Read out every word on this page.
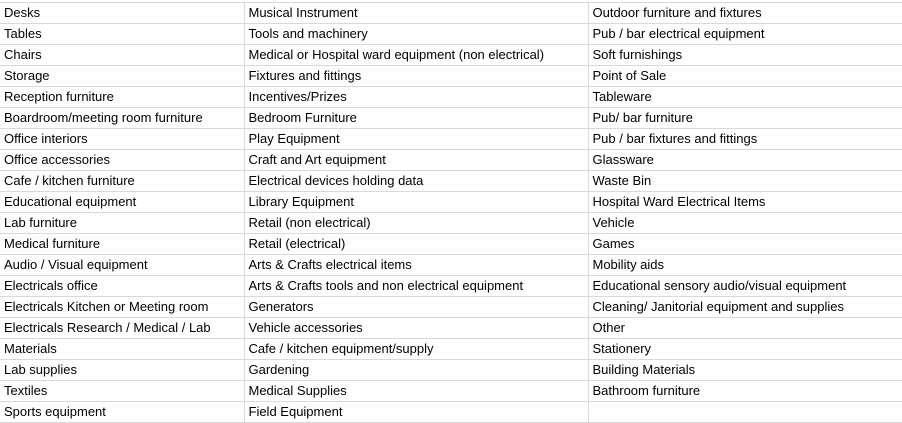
Desks	Musical Instrument	Outdoor furniture and fixtures
Tables	Tools and machinery	Pub / bar electrical equipment
Chairs	Medical or Hospital ward equipment (non electrical)	Soft furnishings
Storage	Fixtures and fittings	Point of Sale
Reception furniture	Incentives/Prizes	Tableware
Boardroom/meeting room furniture	Bedroom Furniture	Pub/ bar furniture
Office interiors	Play Equipment	Pub / bar fixtures and fittings
Office accessories	Craft and Art equipment	Glassware
Cafe / kitchen furniture	Electrical devices holding data	Waste Bin
Educational equipment	Library Equipment	Hospital Ward Electrical Items
Lab furniture	Retail (non electrical)	Vehicle
Medical furniture	Retail (electrical)	Games
Audio / Visual equipment	Arts & Crafts electrical items	Mobility aids
Electricals office	Arts & Crafts tools and non electrical equipment	Educational sensory audio/visual equipment
Electricals Kitchen or Meeting room	Generators	Cleaning/ Janitorial equipment and supplies
Electricals Research / Medical / Lab	Vehicle accessories	Other
Materials	Cafe / kitchen equipment/supply	Stationery
Lab supplies	Gardening	Building Materials
Textiles	Medical Supplies	Bathroom furniture
Sports equipment	Field Equipment	
